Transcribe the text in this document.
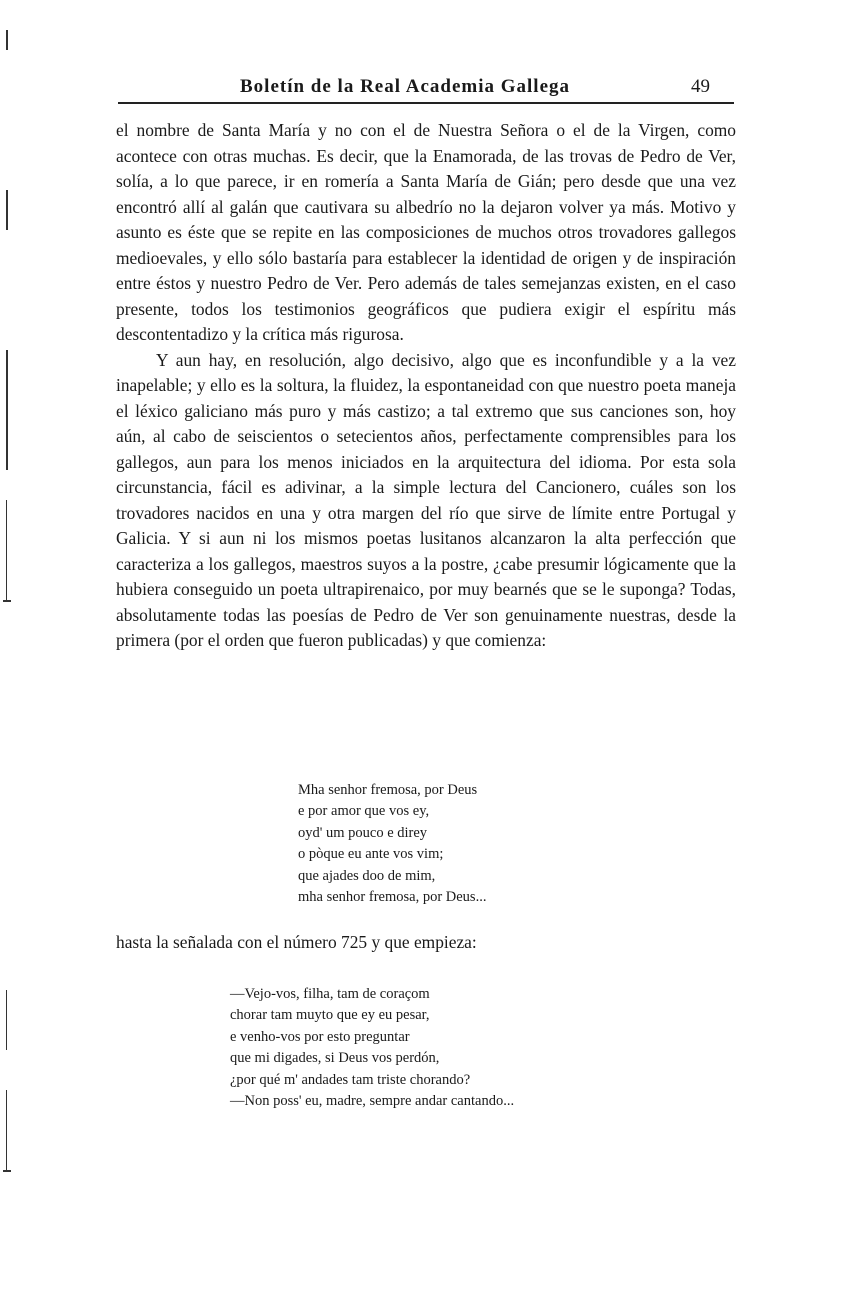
Boletín de la Real Academia Gallega	49

el nombre de Santa María y no con el de Nuestra Señora o el de la Virgen, como acontece con otras muchas. Es decir, que la Enamorada, de las trovas de Pedro de Ver, solía, a lo que parece, ir en romería a Santa María de Gián; pero desde que una vez encontró allí al galán que cautivara su albedrío no la dejaron volver ya más. Motivo y asunto es éste que se repite en las composiciones de muchos otros trovadores gallegos medioevales, y ello sólo bastaría para establecer la identidad de origen y de inspiración entre éstos y nuestro Pedro de Ver. Pero además de tales semejanzas existen, en el caso presente, todos los testimonios geográficos que pudiera exigir el espíritu más descontentadizo y la crítica más rigurosa.

Y aun hay, en resolución, algo decisivo, algo que es inconfundible y a la vez inapelable; y ello es la soltura, la fluidez, la espontaneidad con que nuestro poeta maneja el léxico galiciano más puro y más castizo; a tal extremo que sus canciones son, hoy aún, al cabo de seiscientos o setecientos años, perfectamente comprensibles para los gallegos, aun para los menos iniciados en la arquitectura del idioma. Por esta sola circunstancia, fácil es adivinar, a la simple lectura del Cancionero, cuáles son los trovadores nacidos en una y otra margen del río que sirve de límite entre Portugal y Galicia. Y si aun ni los mismos poetas lusitanos alcanzaron la alta perfección que caracteriza a los gallegos, maestros suyos a la postre, ¿cabe presumir lógicamente que la hubiera conseguido un poeta ultrapirenaico, por muy bearnés que se le suponga? Todas, absolutamente todas las poesías de Pedro de Ver son genuinamente nuestras, desde la primera (por el orden que fueron publicadas) y que comienza:

Mha senhor fremosa, por Deus
e por amor que vos ey,
oyd' um pouco e direy
o pòque eu ante vos vim;
que ajades doo de mim,
mha senhor fremosa, por Deus...
hasta la señalada con el número 725 y que empieza:
—Vejo-vos, filha, tam de coraçom
chorar tam muyto que ey eu pesar,
e venho-vos por esto preguntar
que mi digades, si Deus vos perdón,
¿por qué m' andades tam triste chorando?
—Non poss' eu, madre, sempre andar cantando...
